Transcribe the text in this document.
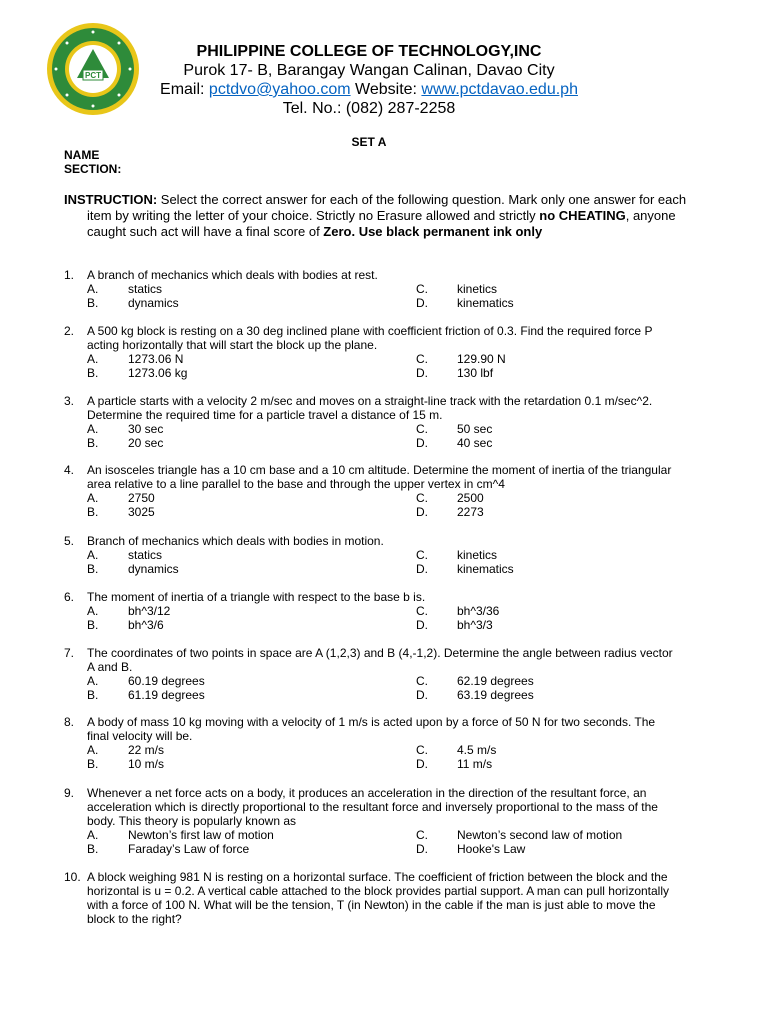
PCT
PHILIPPINE COLLEGE OF TECHNOLOGY,INC
Purok 17- B, Barangay Wangan Calinan, Davao City
Email: pctdvo@yahoo.com Website: www.pctdavao.edu.ph
Tel. No.: (082) 287-2258
SET A
NAME
SECTION:
INSTRUCTION: Select the correct answer for each of the following question. Mark only one answer for each item by writing the letter of your choice. Strictly no Erasure allowed and strictly no CHEATING, anyone caught such act will have a final score of Zero. Use black permanent ink only
1. A branch of mechanics which deals with bodies at rest.
A. statics
B. dynamics
C. kinetics
D. kinematics
2. A 500 kg block is resting on a 30 deg inclined plane with coefficient friction of 0.3. Find the required force P acting horizontally that will start the block up the plane.
A. 1273.06 N
B. 1273.06 kg
C. 129.90 N
D. 130 lbf
3. A particle starts with a velocity 2 m/sec and moves on a straight-line track with the retardation 0.1 m/sec^2. Determine the required time for a particle travel a distance of 15 m.
A. 30 sec
B. 20 sec
C. 50 sec
D. 40 sec
4. An isosceles triangle has a 10 cm base and a 10 cm altitude. Determine the moment of inertia of the triangular area relative to a line parallel to the base and through the upper vertex in cm^4
A. 2750
B. 3025
C. 2500
D. 2273
5. Branch of mechanics which deals with bodies in motion.
A. statics
B. dynamics
C. kinetics
D. kinematics
6. The moment of inertia of a triangle with respect to the base b is.
A. bh^3/12
B. bh^3/6
C. bh^3/36
D. bh^3/3
7. The coordinates of two points in space are A (1,2,3) and B (4,-1,2). Determine the angle between radius vector A and B.
A. 60.19 degrees
B. 61.19 degrees
C. 62.19 degrees
D. 63.19 degrees
8. A body of mass 10 kg moving with a velocity of 1 m/s is acted upon by a force of 50 N for two seconds. The final velocity will be.
A. 22 m/s
B. 10 m/s
C. 4.5 m/s
D. 11 m/s
9. Whenever a net force acts on a body, it produces an acceleration in the direction of the resultant force, an acceleration which is directly proportional to the resultant force and inversely proportional to the mass of the body. This theory is popularly known as
A. Newton’s first law of motion
B. Faraday’s Law of force
C. Newton’s second law of motion
D. Hooke's Law
10. A block weighing 981 N is resting on a horizontal surface. The coefficient of friction between the block and the horizontal is u = 0.2. A vertical cable attached to the block provides partial support. A man can pull horizontally with a force of 100 N. What will be the tension, T (in Newton) in the cable if the man is just able to move the block to the right?
